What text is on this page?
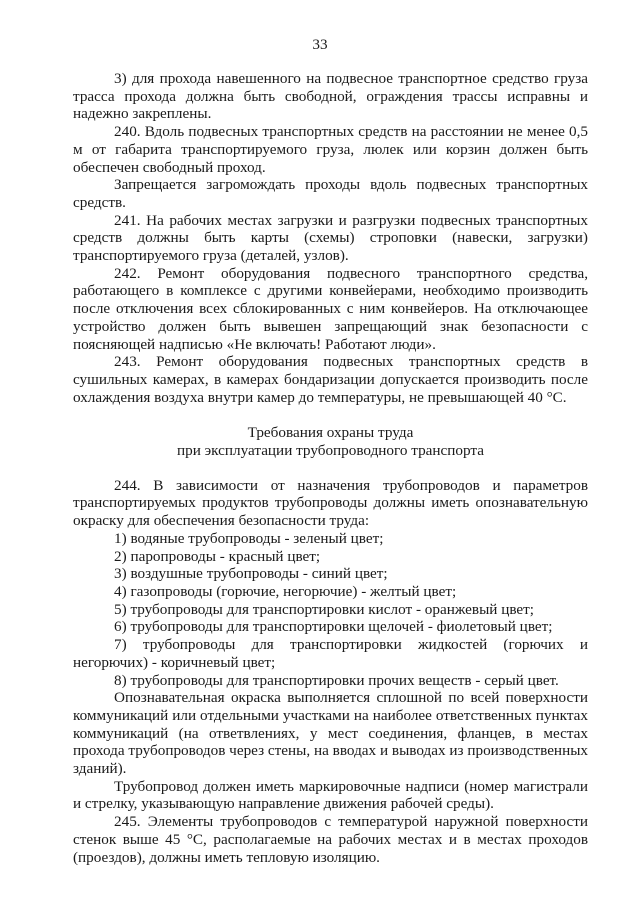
33

3) для прохода навешенного на подвесное транспортное средство груза трасса прохода должна быть свободной, ограждения трассы исправны и надежно закреплены.

240. Вдоль подвесных транспортных средств на расстоянии не менее 0,5 м от габарита транспортируемого груза, люлек или корзин должен быть обеспечен свободный проход.

Запрещается загромождать проходы вдоль подвесных транспортных средств.

241. На рабочих местах загрузки и разгрузки подвесных транспортных средств должны быть карты (схемы) строповки (навески, загрузки) транспортируемого груза (деталей, узлов).

242. Ремонт оборудования подвесного транспортного средства, работающего в комплексе с другими конвейерами, необходимо производить после отключения всех сблокированных с ним конвейеров. На отключающее устройство должен быть вывешен запрещающий знак безопасности с поясняющей надписью «Не включать! Работают люди».

243. Ремонт оборудования подвесных транспортных средств в сушильных камерах, в камерах бондаризации допускается производить после охлаждения воздуха внутри камер до температуры, не превышающей 40 °С.

Требования охраны труда

при эксплуатации трубопроводного транспорта

244. В зависимости от назначения трубопроводов и параметров транспортируемых продуктов трубопроводы должны иметь опознавательную окраску для обеспечения безопасности труда:

1) водяные трубопроводы - зеленый цвет;

2) паропроводы - красный цвет;

3) воздушные трубопроводы - синий цвет;

4) газопроводы (горючие, негорючие) - желтый цвет;

5) трубопроводы для транспортировки кислот - оранжевый цвет;

6) трубопроводы для транспортировки щелочей - фиолетовый цвет;

7) трубопроводы для транспортировки жидкостей (горючих и негорючих) - коричневый цвет;

8) трубопроводы для транспортировки прочих веществ - серый цвет.

Опознавательная окраска выполняется сплошной по всей поверхности коммуникаций или отдельными участками на наиболее ответственных пунктах коммуникаций (на ответвлениях, у мест соединения, фланцев, в местах прохода трубопроводов через стены, на вводах и выводах из производственных зданий).

Трубопровод должен иметь маркировочные надписи (номер магистрали и стрелку, указывающую направление движения рабочей среды).

245. Элементы трубопроводов с температурой наружной поверхности стенок выше 45 °С, располагаемые на рабочих местах и в местах проходов (проездов), должны иметь тепловую изоляцию.
